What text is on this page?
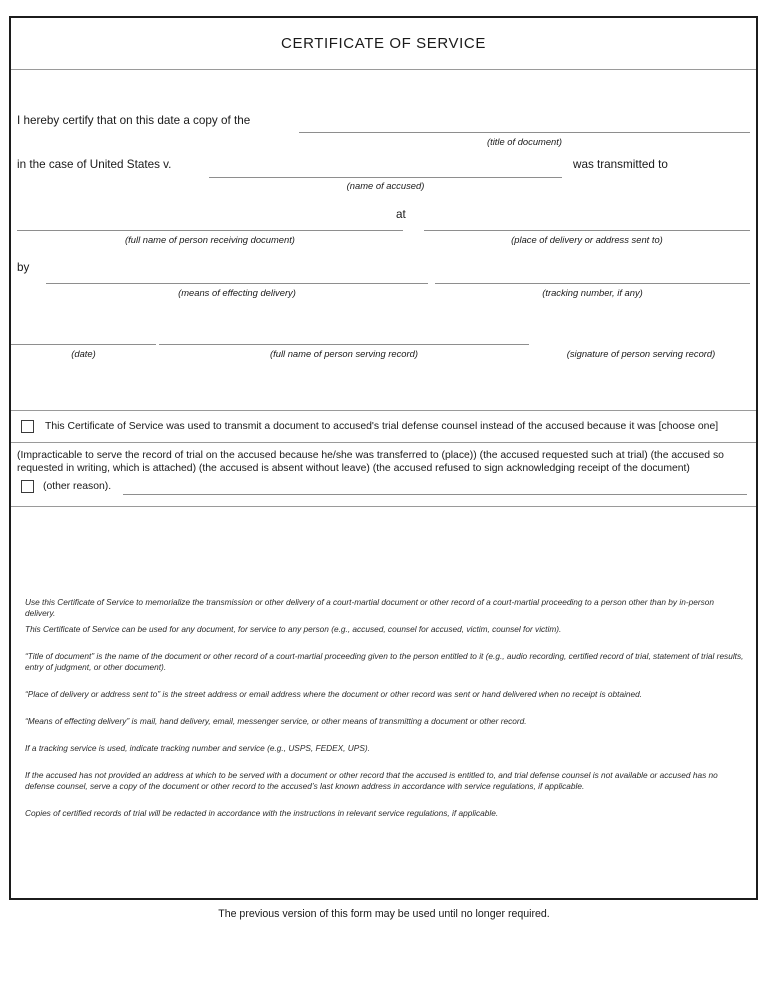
CERTIFICATE OF SERVICE
I hereby certify that on this date a copy of the
(title of document)
in the case of United States v.
(name of accused)
was transmitted to
at
(full name of person receiving document)	(place of delivery or address sent to)
by
(means of effecting delivery)	(tracking number, if any)
(date)	(full name of person serving record)	(signature of person serving record)
This Certificate of Service was used to transmit a document to accused's trial defense counsel instead of the accused because it was [choose one]
(Impracticable to serve the record of trial on the accused because he/she was transferred to (place)) (the accused requested such at trial) (the accused so
requested in writing, which is attached) (the accused is absent without leave) (the accused refused to sign acknowledging receipt of the document)
(other reason).
Use this Certificate of Service to memorialize the transmission or other delivery of a court-martial document or other record of a court-martial proceeding to a person other than by in-person delivery.
This Certificate of Service can be used for any document, for service to any person (e.g., accused, counsel for accused, victim, counsel for victim).
“Title of document” is the name of the document or other record of a court-martial proceeding given to the person entitled to it (e.g., audio recording, certified record of trial, statement of trial results, entry of judgment, or other document).
“Place of delivery or address sent to” is the street address or email address where the document or other record was sent or hand delivered when no receipt is obtained.
“Means of effecting delivery” is mail, hand delivery, email, messenger service, or other means of transmitting a document or other record.
If a tracking service is used, indicate tracking number and service (e.g., USPS, FEDEX, UPS).
If the accused has not provided an address at which to be served with a document or other record that the accused is entitled to, and trial defense counsel is not available or accused has no defense counsel, serve a copy of the document or other record to the accused’s last known address in accordance with service regulations, if applicable.
Copies of certified records of trial will be redacted in accordance with the instructions in relevant service regulations, if applicable.
The previous version of this form may be used until no longer required.
